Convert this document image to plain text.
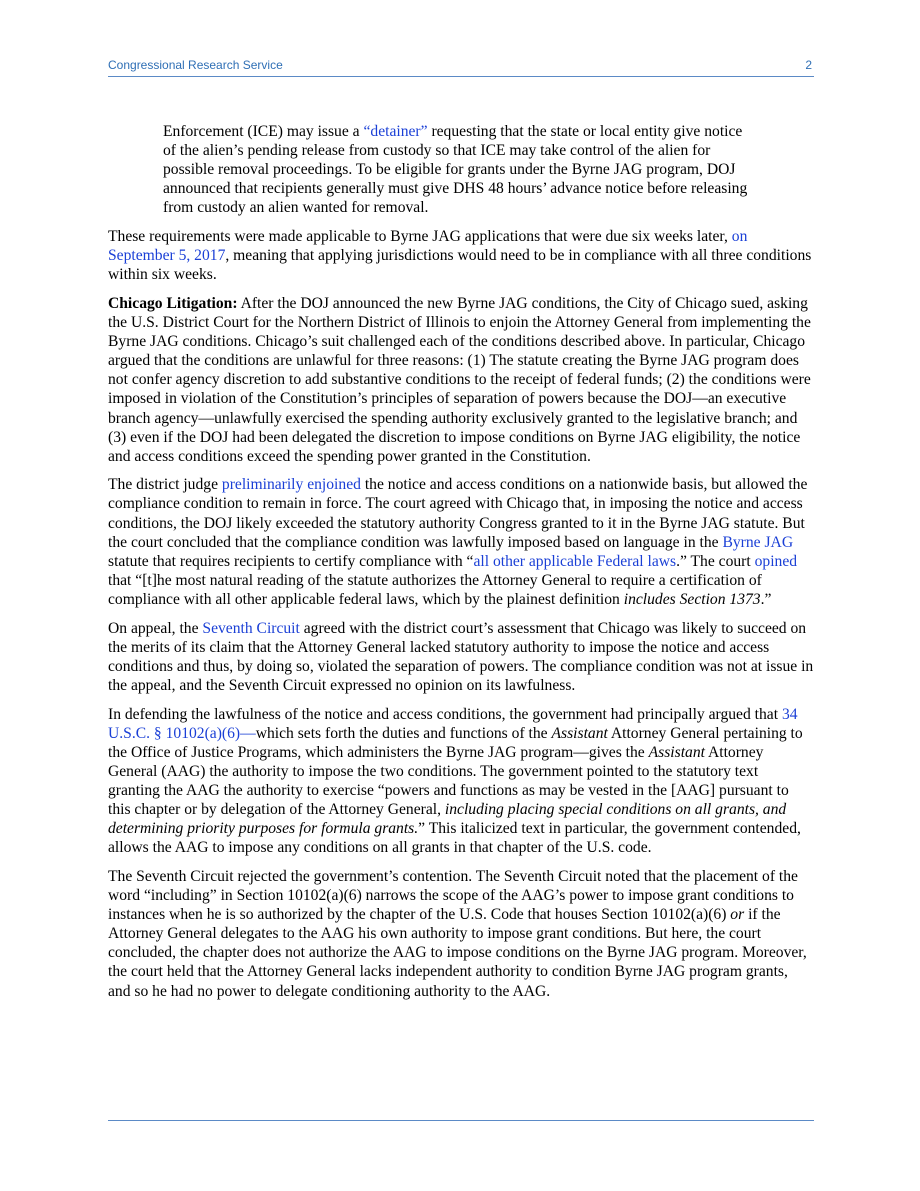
Congressional Research Service	2

Enforcement (ICE) may issue a “detainer” requesting that the state or local entity give notice of the alien’s pending release from custody so that ICE may take control of the alien for possible removal proceedings. To be eligible for grants under the Byrne JAG program, DOJ announced that recipients generally must give DHS 48 hours’ advance notice before releasing from custody an alien wanted for removal.

These requirements were made applicable to Byrne JAG applications that were due six weeks later, on September 5, 2017, meaning that applying jurisdictions would need to be in compliance with all three conditions within six weeks.

Chicago Litigation: After the DOJ announced the new Byrne JAG conditions, the City of Chicago sued, asking the U.S. District Court for the Northern District of Illinois to enjoin the Attorney General from implementing the Byrne JAG conditions. Chicago’s suit challenged each of the conditions described above. In particular, Chicago argued that the conditions are unlawful for three reasons: (1) The statute creating the Byrne JAG program does not confer agency discretion to add substantive conditions to the receipt of federal funds; (2) the conditions were imposed in violation of the Constitution’s principles of separation of powers because the DOJ—an executive branch agency—unlawfully exercised the spending authority exclusively granted to the legislative branch; and (3) even if the DOJ had been delegated the discretion to impose conditions on Byrne JAG eligibility, the notice and access conditions exceed the spending power granted in the Constitution.

The district judge preliminarily enjoined the notice and access conditions on a nationwide basis, but allowed the compliance condition to remain in force. The court agreed with Chicago that, in imposing the notice and access conditions, the DOJ likely exceeded the statutory authority Congress granted to it in the Byrne JAG statute. But the court concluded that the compliance condition was lawfully imposed based on language in the Byrne JAG statute that requires recipients to certify compliance with “all other applicable Federal laws.” The court opined that “[t]he most natural reading of the statute authorizes the Attorney General to require a certification of compliance with all other applicable federal laws, which by the plainest definition includes Section 1373.”

On appeal, the Seventh Circuit agreed with the district court’s assessment that Chicago was likely to succeed on the merits of its claim that the Attorney General lacked statutory authority to impose the notice and access conditions and thus, by doing so, violated the separation of powers. The compliance condition was not at issue in the appeal, and the Seventh Circuit expressed no opinion on its lawfulness.

In defending the lawfulness of the notice and access conditions, the government had principally argued that 34 U.S.C. § 10102(a)(6)—which sets forth the duties and functions of the Assistant Attorney General pertaining to the Office of Justice Programs, which administers the Byrne JAG program—gives the Assistant Attorney General (AAG) the authority to impose the two conditions. The government pointed to the statutory text granting the AAG the authority to exercise “powers and functions as may be vested in the [AAG] pursuant to this chapter or by delegation of the Attorney General, including placing special conditions on all grants, and determining priority purposes for formula grants.” This italicized text in particular, the government contended, allows the AAG to impose any conditions on all grants in that chapter of the U.S. code.

The Seventh Circuit rejected the government’s contention. The Seventh Circuit noted that the placement of the word “including” in Section 10102(a)(6) narrows the scope of the AAG’s power to impose grant conditions to instances when he is so authorized by the chapter of the U.S. Code that houses Section 10102(a)(6) or if the Attorney General delegates to the AAG his own authority to impose grant conditions. But here, the court concluded, the chapter does not authorize the AAG to impose conditions on the Byrne JAG program. Moreover, the court held that the Attorney General lacks independent authority to condition Byrne JAG program grants, and so he had no power to delegate conditioning authority to the AAG.
